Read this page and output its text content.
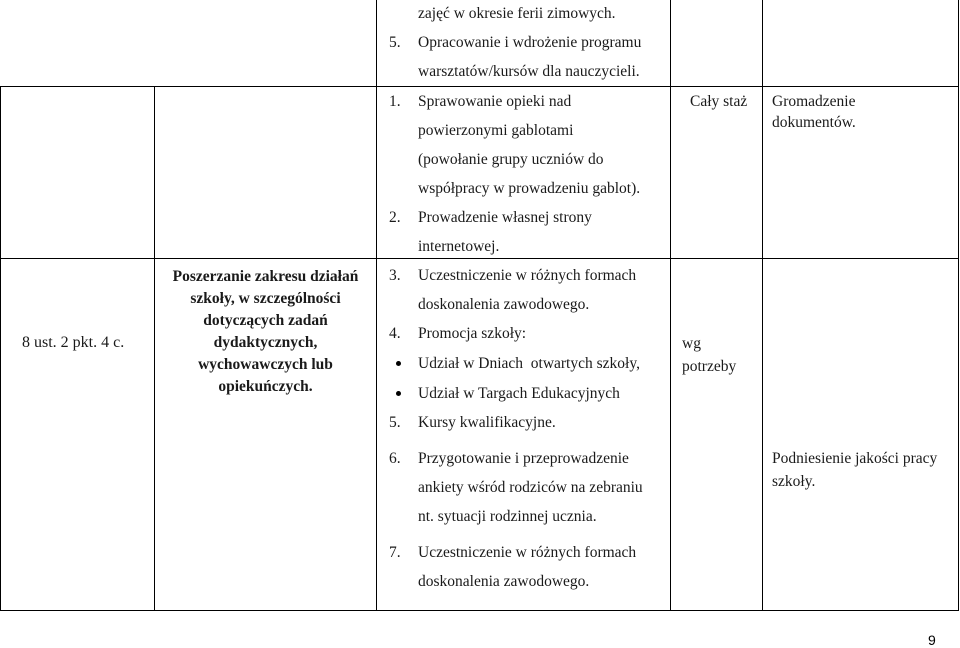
zajęć w okresie ferii zimowych.
5. Opracowanie i wdrożenie programu
warsztatów/kursów dla nauczycieli.
1. Sprawowanie opieki nad
powierzonymi gablotami
(powołanie grupy uczniów do
współpracy w prowadzeniu gablot).
2. Prowadzenie własnej strony
internetowej.
Cały staż Gromadzenie
dokumentów.
8 ust. 2 pkt. 4 c.
Poszerzanie zakresu działań
szkoły, w szczególności
dotyczących zadań
dydaktycznych,
wychowawczych lub
opiekuńczych.
3. Uczestniczenie w różnych formach
doskonalenia zawodowego.
4. Promocja szkoły:
Udział w Dniach  otwartych szkoły,
Udział w Targach Edukacyjnych
5. Kursy kwalifikacyjne.
6. Przygotowanie i przeprowadzenie
ankiety wśród rodziców na zebraniu
nt. sytuacji rodzinnej ucznia.
7. Uczestniczenie w różnych formach
doskonalenia zawodowego.
wg
potrzeby
Podniesienie jakości pracy
szkoły.
9
